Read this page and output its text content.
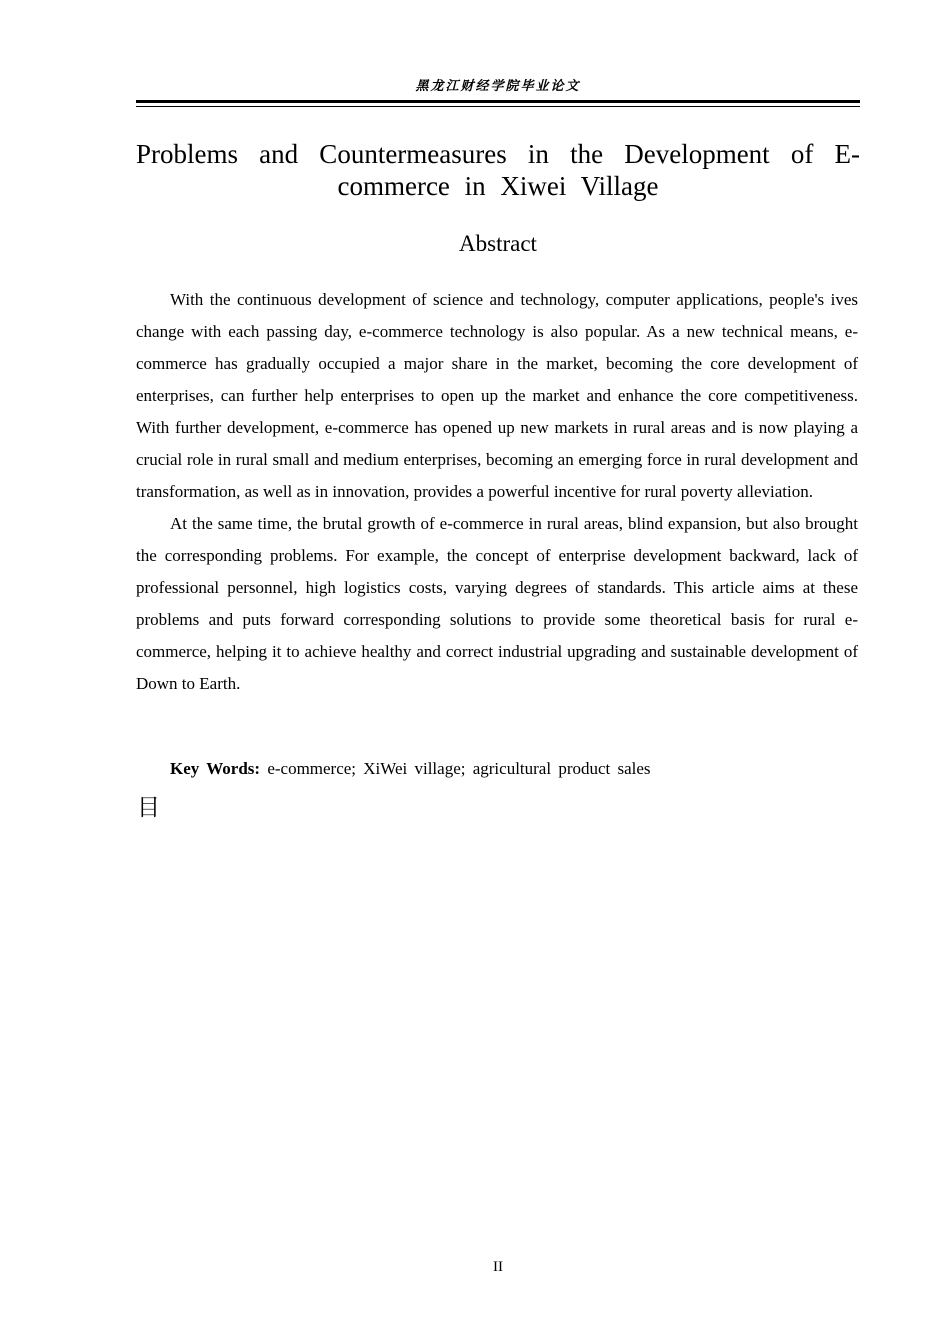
黑龙江财经学院毕业论文
Problems and Countermeasures in the Development of E-
commerce in Xiwei Village
Abstract

With the continuous development of science and technology, computer applications, people's ives change with each passing day, e-commerce technology is also popular. As a new technical means, e-commerce has gradually occupied a major share in the market, becoming the core development of enterprises, can further help enterprises to open up the market and enhance the core competitiveness. With further development, e-commerce has opened up new markets in rural areas and is now playing a crucial role in rural small and medium enterprises, becoming an emerging force in rural development and transformation, as well as in innovation, provides a powerful incentive for rural poverty alleviation.

At the same time, the brutal growth of e-commerce in rural areas, blind expansion, but also brought the corresponding problems. For example, the concept of enterprise development backward, lack of professional personnel, high logistics costs, varying degrees of standards. This article aims at these problems and puts forward corresponding solutions to provide some theoretical basis for rural e-commerce, helping it to achieve healthy and correct industrial upgrading and sustainable development of Down to Earth.

Key Words: e-commerce; XiWei village; agricultural product sales
目
II
